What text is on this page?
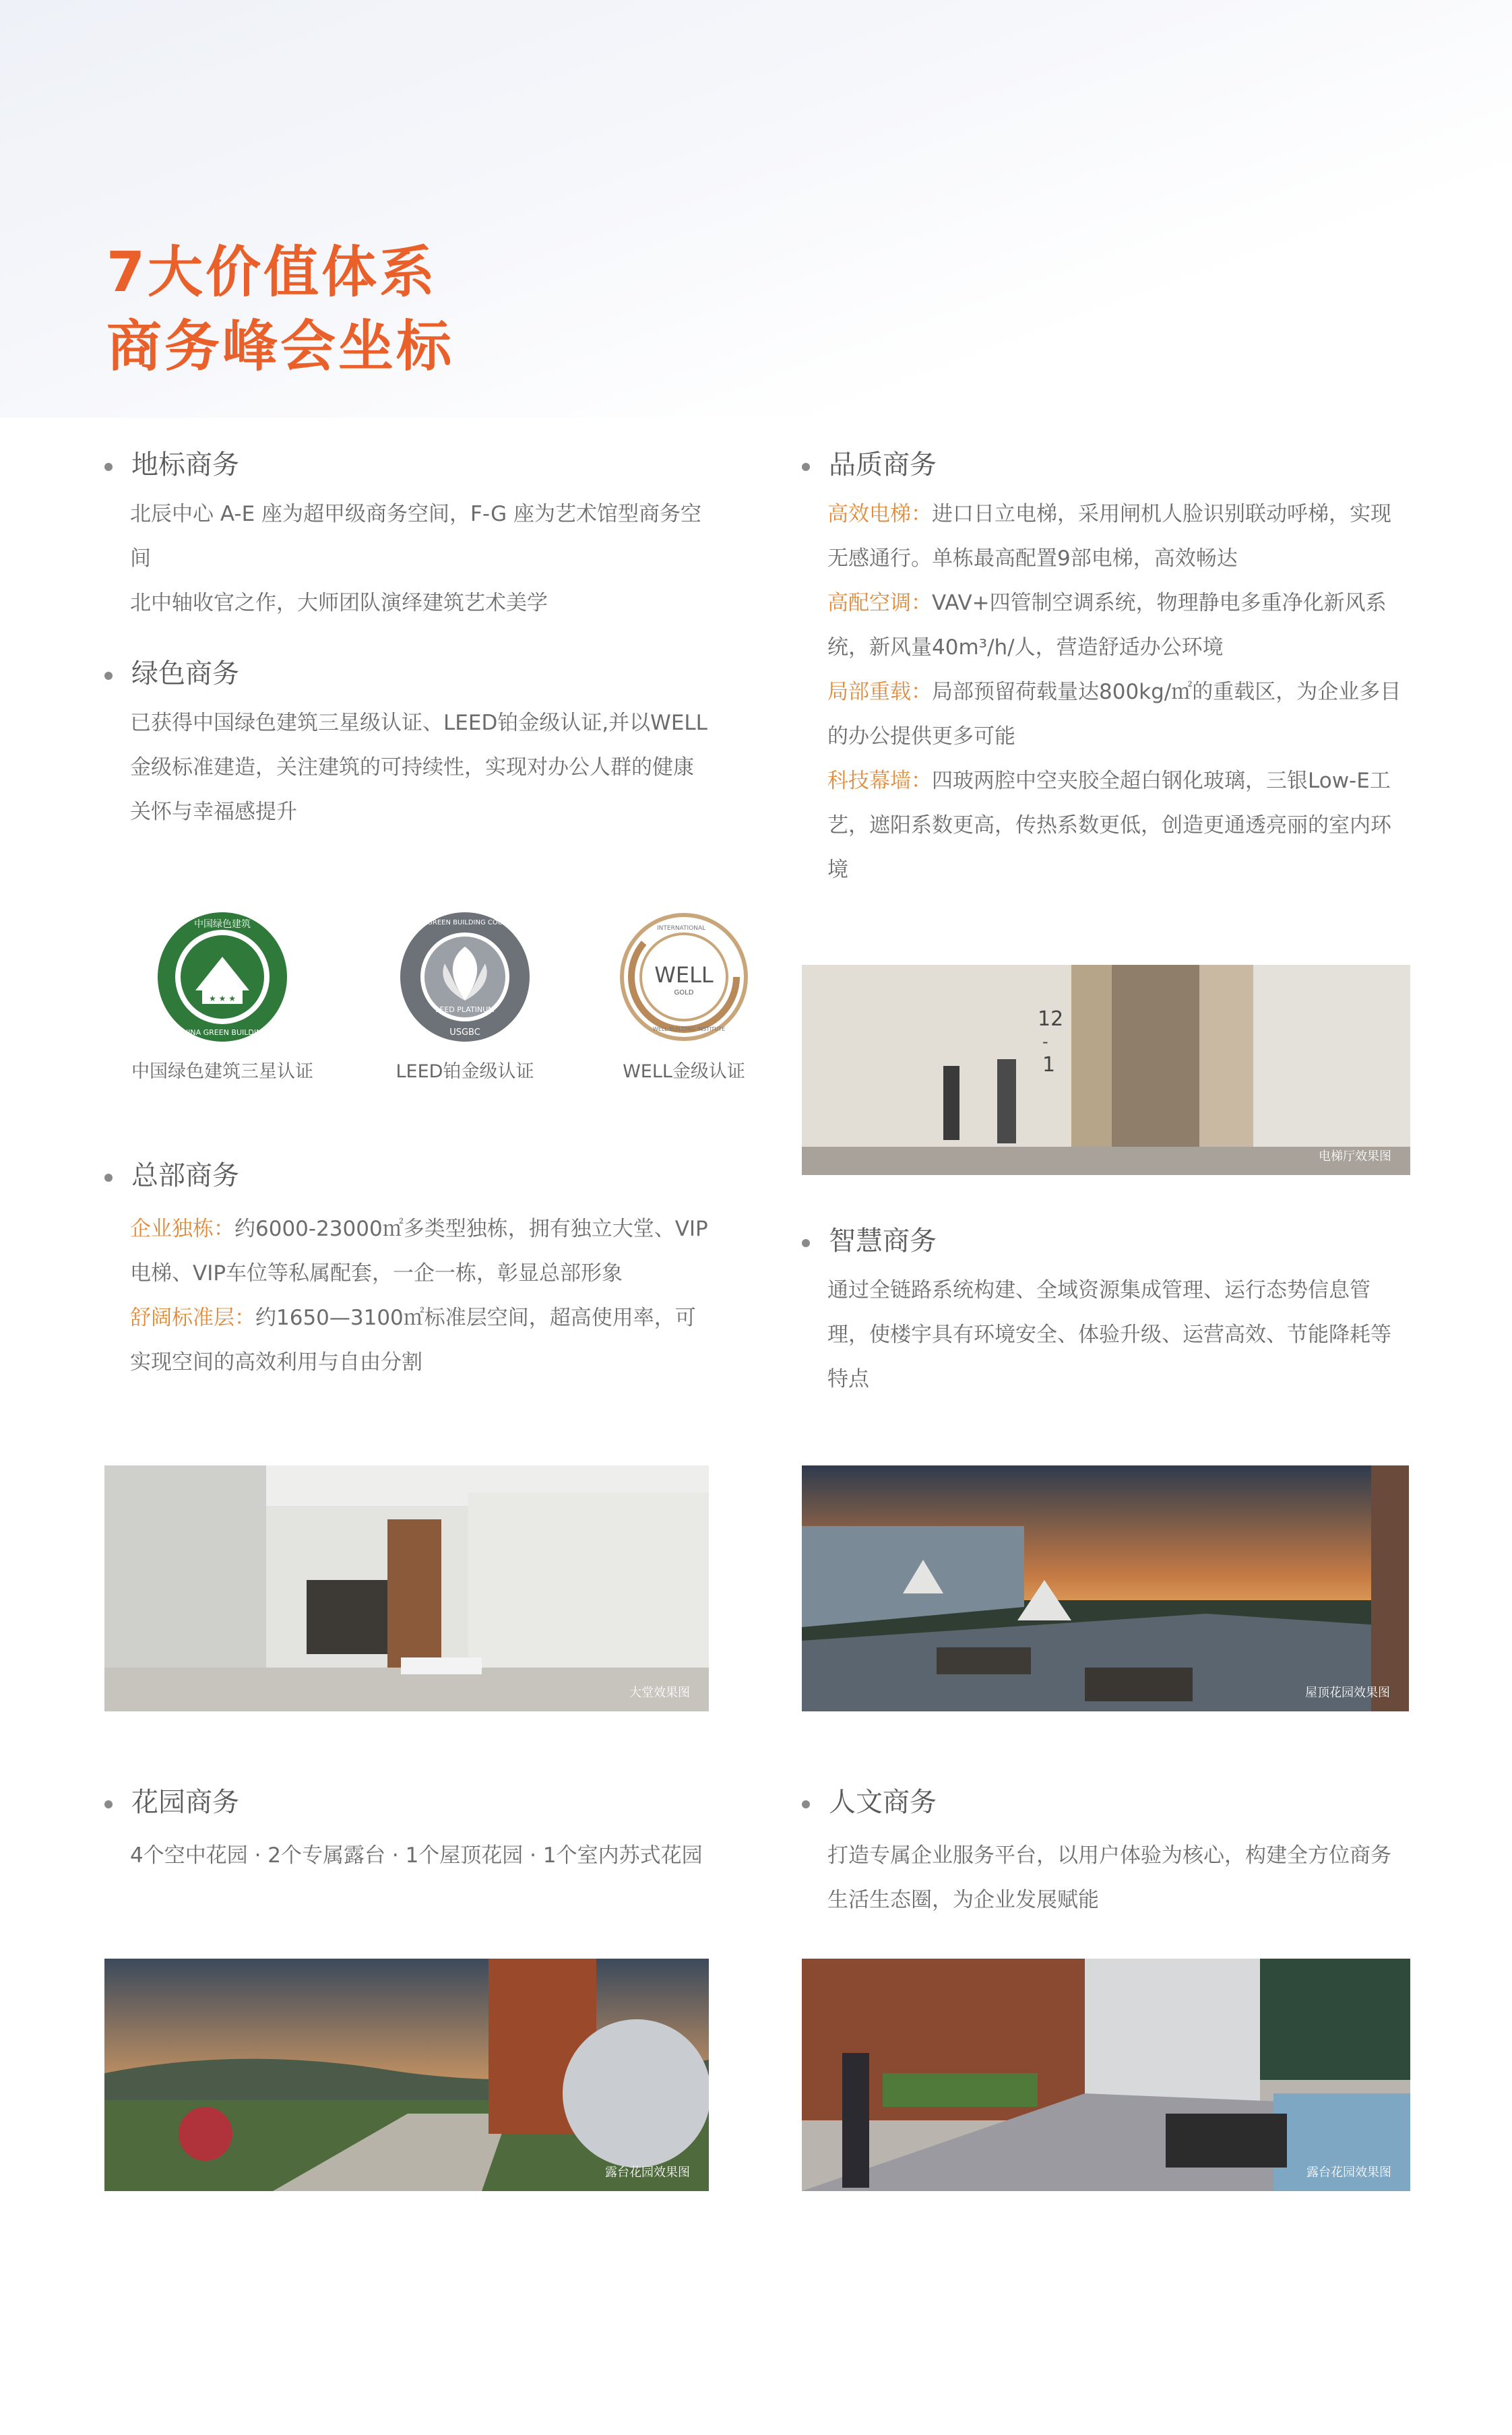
7大价值体系
商务峰会坐标
地标商务

北辰中心 A-E 座为超甲级商务空间，F-G 座为艺术馆型商务空间

北中轴收官之作，大师团队演绎建筑艺术美学

绿色商务

已获得中国绿色建筑三星级认证、LEED铂金级认证,并以WELL金级标准建造，关注建筑的可持续性，实现对办公人群的健康关怀与幸福感提升

★ ★ ★
中国绿色建筑
CHINA GREEN BUILDING
中国绿色建筑三星认证
U.S. GREEN BUILDING COUNCIL
LEED PLATINUM
USGBC
LEED铂金级认证
WELL
GOLD
INTERNATIONAL
WELL BUILDING INSTITUTE
WELL金级认证
总部商务

企业独栋：约6000-23000㎡多类型独栋，拥有独立大堂、VIP电梯、VIP车位等私属配套，一企一栋，彰显总部形象

舒阔标准层：约1650—3100㎡标准层空间，超高使用率，可实现空间的高效利用与自由分割

大堂效果图
花园商务

4个空中花园 · 2个专属露台 · 1个屋顶花园 · 1个室内苏式花园

露台花园效果图
品质商务

高效电梯：进口日立电梯，采用闸机人脸识别联动呼梯，实现无感通行。单栋最高配置9部电梯，高效畅达

高配空调：VAV+四管制空调系统，物理静电多重净化新风系统，新风量40m³/h/人，营造舒适办公环境

局部重载：局部预留荷载量达800kg/㎡的重载区，为企业多目的办公提供更多可能

科技幕墙：四玻两腔中空夹胶全超白钢化玻璃，三银Low-E工艺，遮阳系数更高，传热系数更低，创造更通透亮丽的室内环境

12
-
1
电梯厅效果图
智慧商务

通过全链路系统构建、全域资源集成管理、运行态势信息管理，使楼宇具有环境安全、体验升级、运营高效、节能降耗等特点

屋顶花园效果图
人文商务

打造专属企业服务平台，以用户体验为核心，构建全方位商务生活生态圈，为企业发展赋能

露台花园效果图
